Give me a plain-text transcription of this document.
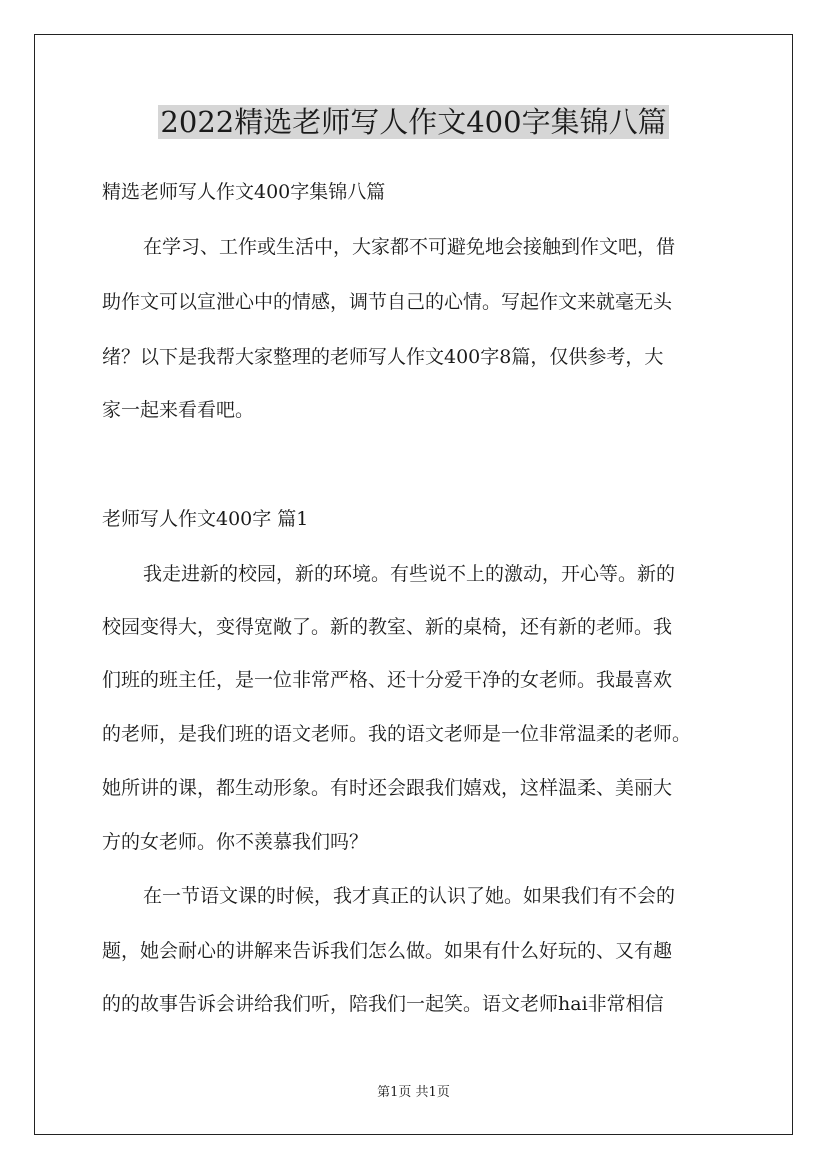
2022精选老师写人作文400字集锦八篇

精选老师写人作文400字集锦八篇

在学习、工作或生活中，大家都不可避免地会接触到作文吧，借

助作文可以宣泄心中的情感，调节自己的心情。写起作文来就毫无头

绪？以下是我帮大家整理的老师写人作文400字8篇，仅供参考，大

家一起来看看吧。

老师写人作文400字 篇1

我走进新的校园，新的环境。有些说不上的激动，开心等。新的

校园变得大，变得宽敞了。新的教室、新的桌椅，还有新的老师。我

们班的班主任，是一位非常严格、还十分爱干净的女老师。我最喜欢

的老师，是我们班的语文老师。我的语文老师是一位非常温柔的老师。

她所讲的课，都生动形象。有时还会跟我们嬉戏，这样温柔、美丽大

方的女老师。你不羡慕我们吗？

在一节语文课的时候，我才真正的认识了她。如果我们有不会的

题，她会耐心的讲解来告诉我们怎么做。如果有什么好玩的、又有趣

的的故事告诉会讲给我们听，陪我们一起笑。语文老师hai非常相信

第1页 共1页
